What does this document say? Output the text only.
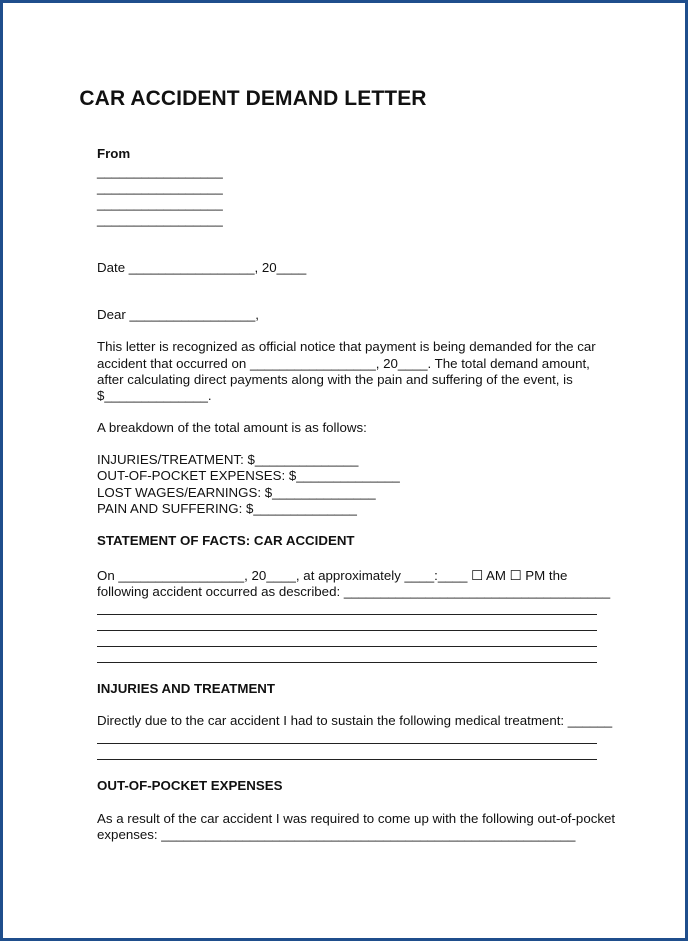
CAR ACCIDENT DEMAND LETTER
From
_________________
_________________
_________________
_________________
Date _________________, 20____
Dear _________________,
This letter is recognized as official notice that payment is being demanded for the car
accident that occurred on _________________, 20____. The total demand amount,
after calculating direct payments along with the pain and suffering of the event, is
$______________.
A breakdown of the total amount is as follows:
INJURIES/TREATMENT: $______________
OUT-OF-POCKET EXPENSES: $______________
LOST WAGES/EARNINGS: $______________
PAIN AND SUFFERING: $______________
STATEMENT OF FACTS: CAR ACCIDENT
On _________________, 20____, at approximately ____:____ ☐ AM ☐ PM the
following accident occurred as described: ____________________________________
INJURIES AND TREATMENT
Directly due to the car accident I had to sustain the following medical treatment: ______
OUT-OF-POCKET EXPENSES
As a result of the car accident I was required to come up with the following out-of-pocket
expenses: ________________________________________________________
